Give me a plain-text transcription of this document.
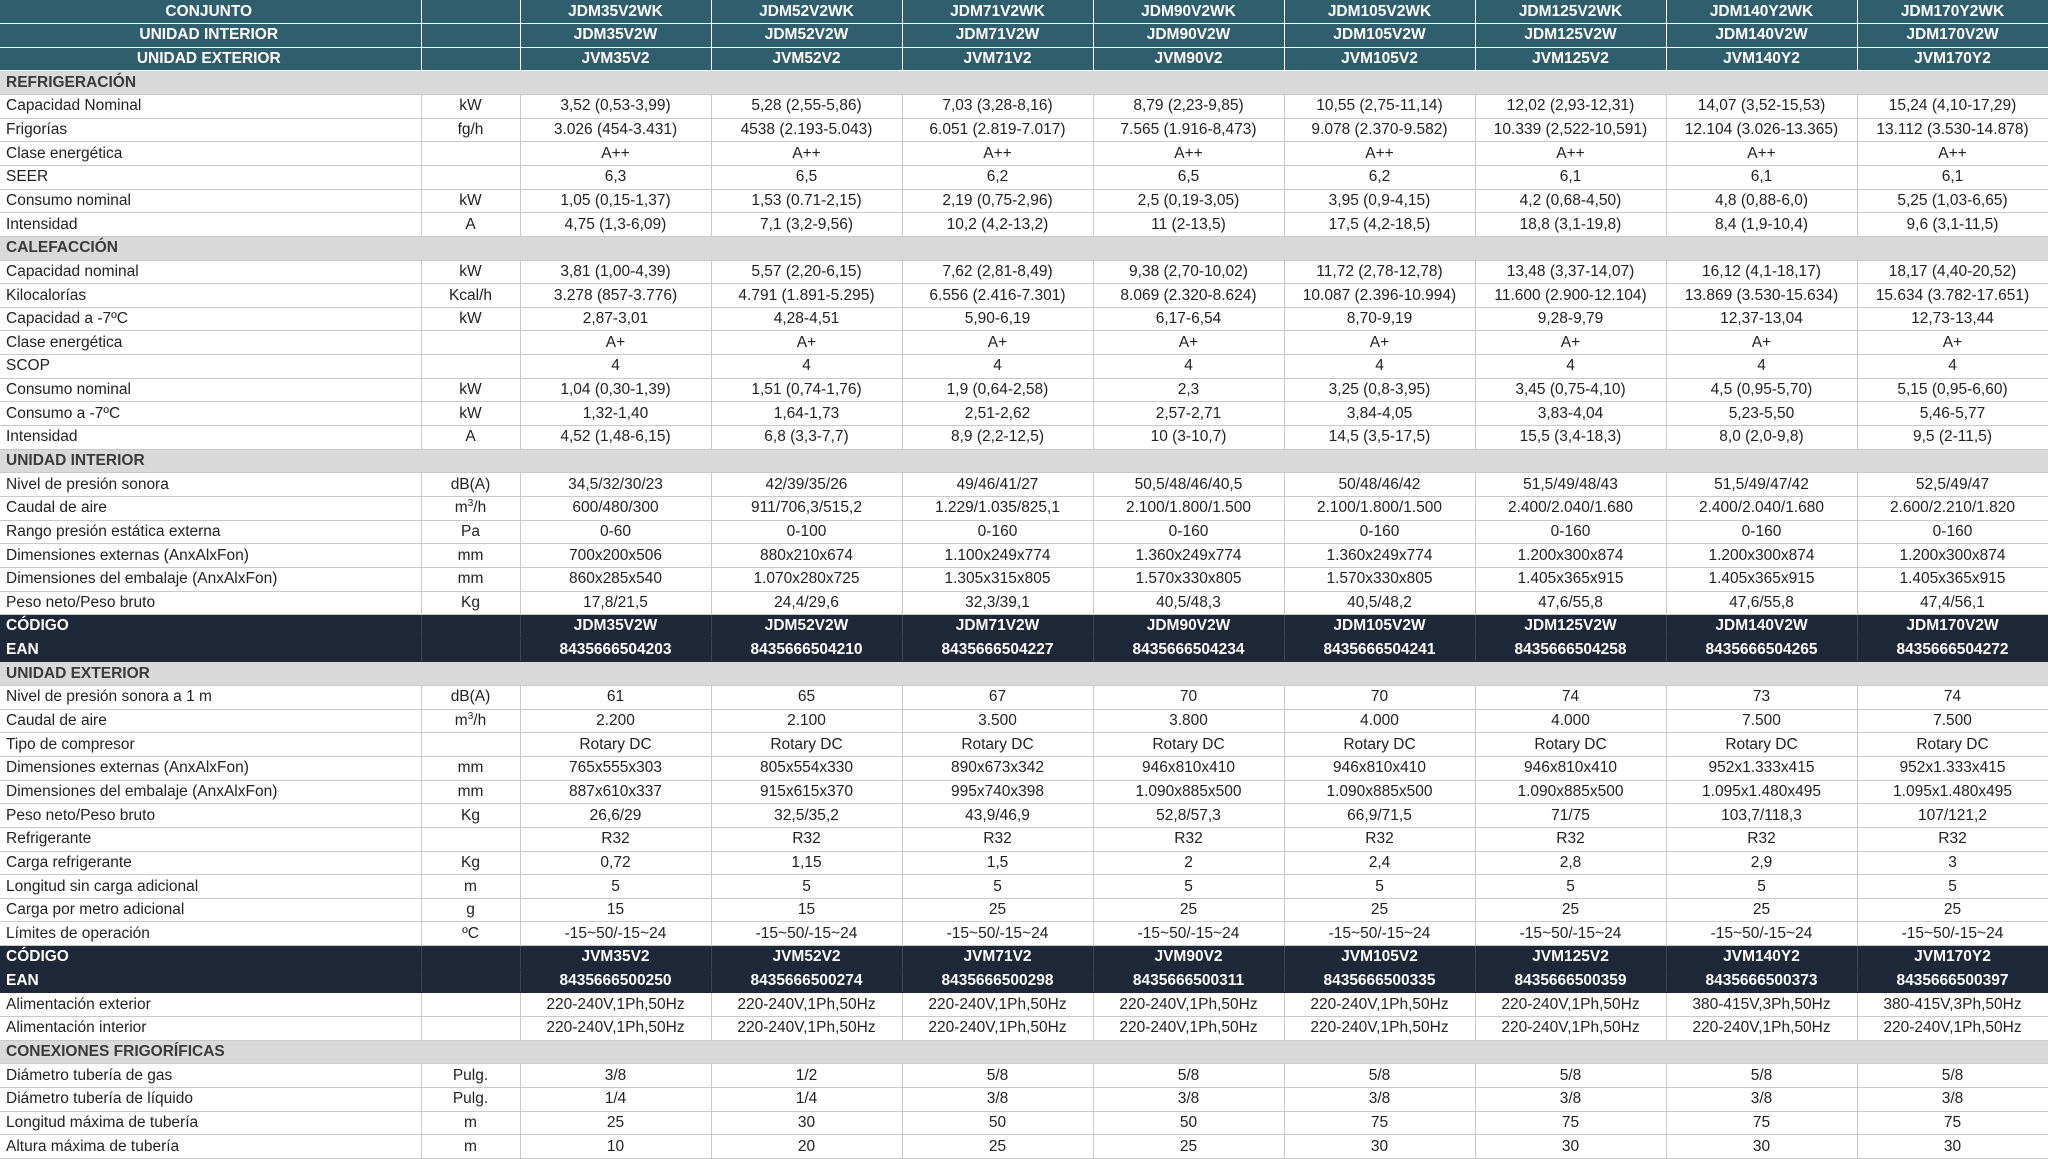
CONJUNTO		JDM35V2WK	JDM52V2WK	JDM71V2WK	JDM90V2WK	JDM105V2WK	JDM125V2WK	JDM140Y2WK	JDM170Y2WK
UNIDAD INTERIOR		JDM35V2W	JDM52V2W	JDM71V2W	JDM90V2W	JDM105V2W	JDM125V2W	JDM140V2W	JDM170V2W
UNIDAD EXTERIOR		JVM35V2	JVM52V2	JVM71V2	JVM90V2	JVM105V2	JVM125V2	JVM140Y2	JVM170Y2
REFRIGERACIÓN									
Capacidad Nominal	kW	3,52 (0,53-3,99)	5,28 (2,55-5,86)	7,03 (3,28-8,16)	8,79 (2,23-9,85)	10,55 (2,75-11,14)	12,02 (2,93-12,31)	14,07 (3,52-15,53)	15,24 (4,10-17,29)
Frigorías	fg/h	3.026 (454-3.431)	4538 (2.193-5.043)	6.051 (2.819-7.017)	7.565 (1.916-8,473)	9.078 (2.370-9.582)	10.339 (2,522-10,591)	12.104 (3.026-13.365)	13.112 (3.530-14.878)
Clase energética		A++	A++	A++	A++	A++	A++	A++	A++
SEER		6,3	6,5	6,2	6,5	6,2	6,1	6,1	6,1
Consumo nominal	kW	1,05 (0,15-1,37)	1,53 (0.71-2,15)	2,19 (0,75-2,96)	2,5 (0,19-3,05)	3,95 (0,9-4,15)	4,2 (0,68-4,50)	4,8 (0,88-6,0)	5,25 (1,03-6,65)
Intensidad	A	4,75 (1,3-6,09)	7,1 (3,2-9,56)	10,2 (4,2-13,2)	11 (2-13,5)	17,5 (4,2-18,5)	18,8 (3,1-19,8)	8,4 (1,9-10,4)	9,6 (3,1-11,5)
CALEFACCIÓN									
Capacidad nominal	kW	3,81 (1,00-4,39)	5,57 (2,20-6,15)	7,62 (2,81-8,49)	9,38 (2,70-10,02)	11,72 (2,78-12,78)	13,48 (3,37-14,07)	16,12 (4,1-18,17)	18,17 (4,40-20,52)
Kilocalorías	Kcal/h	3.278 (857-3.776)	4.791 (1.891-5.295)	6.556 (2.416-7.301)	8.069 (2.320-8.624)	10.087 (2.396-10.994)	11.600 (2.900-12.104)	13.869 (3.530-15.634)	15.634 (3.782-17.651)
Capacidad a -7ºC	kW	2,87-3,01	4,28-4,51	5,90-6,19	6,17-6,54	8,70-9,19	9,28-9,79	12,37-13,04	12,73-13,44
Clase energética		A+	A+	A+	A+	A+	A+	A+	A+
SCOP		4	4	4	4	4	4	4	4
Consumo nominal	kW	1,04 (0,30-1,39)	1,51 (0,74-1,76)	1,9 (0,64-2,58)	2,3	3,25 (0,8-3,95)	3,45 (0,75-4,10)	4,5 (0,95-5,70)	5,15 (0,95-6,60)
Consumo a -7ºC	kW	1,32-1,40	1,64-1,73	2,51-2,62	2,57-2,71	3,84-4,05	3,83-4,04	5,23-5,50	5,46-5,77
Intensidad	A	4,52 (1,48-6,15)	6,8 (3,3-7,7)	8,9 (2,2-12,5)	10 (3-10,7)	14,5 (3,5-17,5)	15,5 (3,4-18,3)	8,0 (2,0-9,8)	9,5 (2-11,5)
UNIDAD INTERIOR									
Nivel de presión sonora	dB(A)	34,5/32/30/23	42/39/35/26	49/46/41/27	50,5/48/46/40,5	50/48/46/42	51,5/49/48/43	51,5/49/47/42	52,5/49/47
Caudal de aire	$m^3/h$	600/480/300	911/706,3/515,2	1.229/1.035/825,1	2.100/1.800/1.500	2.100/1.800/1.500	2.400/2.040/1.680	2.400/2.040/1.680	2.600/2.210/1.820
Rango presión estática externa	Pa	0-60	0-100	0-160	0-160	0-160	0-160	0-160	0-160
Dimensiones externas (AnxAlxFon)	mm	700x200x506	880x210x674	1.100x249x774	1.360x249x774	1.360x249x774	1.200x300x874	1.200x300x874	1.200x300x874
Dimensiones del embalaje (AnxAlxFon)	mm	860x285x540	1.070x280x725	1.305x315x805	1.570x330x805	1.570x330x805	1.405x365x915	1.405x365x915	1.405x365x915
Peso neto/Peso bruto	Kg	17,8/21,5	24,4/29,6	32,3/39,1	40,5/48,3	40,5/48,2	47,6/55,8	47,6/55,8	47,4/56,1
CÓDIGO		JDM35V2W	JDM52V2W	JDM71V2W	JDM90V2W	JDM105V2W	JDM125V2W	JDM140V2W	JDM170V2W
EAN		8435666504203	8435666504210	8435666504227	8435666504234	8435666504241	8435666504258	8435666504265	8435666504272
UNIDAD EXTERIOR									
Nivel de presión sonora a 1 m	dB(A)	61	65	67	70	70	74	73	74
Caudal de aire	$m^3/h$	2.200	2.100	3.500	3.800	4.000	4.000	7.500	7.500
Tipo de compresor		Rotary DC	Rotary DC	Rotary DC	Rotary DC	Rotary DC	Rotary DC	Rotary DC	Rotary DC
Dimensiones externas (AnxAlxFon)	mm	765x555x303	805x554x330	890x673x342	946x810x410	946x810x410	946x810x410	952x1.333x415	952x1.333x415
Dimensiones del embalaje (AnxAlxFon)	mm	887x610x337	915x615x370	995x740x398	1.090x885x500	1.090x885x500	1.090x885x500	1.095x1.480x495	1.095x1.480x495
Peso neto/Peso bruto	Kg	26,6/29	32,5/35,2	43,9/46,9	52,8/57,3	66,9/71,5	71/75	103,7/118,3	107/121,2
Refrigerante		R32	R32	R32	R32	R32	R32	R32	R32
Carga refrigerante	Kg	0,72	1,15	1,5	2	2,4	2,8	2,9	3
Longitud sin carga adicional	m	5	5	5	5	5	5	5	5
Carga por metro adicional	g	15	15	25	25	25	25	25	25
Límites de operación	ºC	-15~50/-15~24	-15~50/-15~24	-15~50/-15~24	-15~50/-15~24	-15~50/-15~24	-15~50/-15~24	-15~50/-15~24	-15~50/-15~24
CÓDIGO		JVM35V2	JVM52V2	JVM71V2	JVM90V2	JVM105V2	JVM125V2	JVM140Y2	JVM170Y2
EAN		8435666500250	8435666500274	8435666500298	8435666500311	8435666500335	8435666500359	8435666500373	8435666500397
Alimentación exterior		220-240V,1Ph,50Hz	220-240V,1Ph,50Hz	220-240V,1Ph,50Hz	220-240V,1Ph,50Hz	220-240V,1Ph,50Hz	220-240V,1Ph,50Hz	380-415V,3Ph,50Hz	380-415V,3Ph,50Hz
Alimentación interior		220-240V,1Ph,50Hz	220-240V,1Ph,50Hz	220-240V,1Ph,50Hz	220-240V,1Ph,50Hz	220-240V,1Ph,50Hz	220-240V,1Ph,50Hz	220-240V,1Ph,50Hz	220-240V,1Ph,50Hz
CONEXIONES FRIGORÍFICAS									
Diámetro tubería de gas	Pulg.	3/8	1/2	5/8	5/8	5/8	5/8	5/8	5/8
Diámetro tubería de líquido	Pulg.	1/4	1/4	3/8	3/8	3/8	3/8	3/8	3/8
Longitud máxima de tubería	m	25	30	50	50	75	75	75	75
Altura máxima de tubería	m	10	20	25	25	30	30	30	30
